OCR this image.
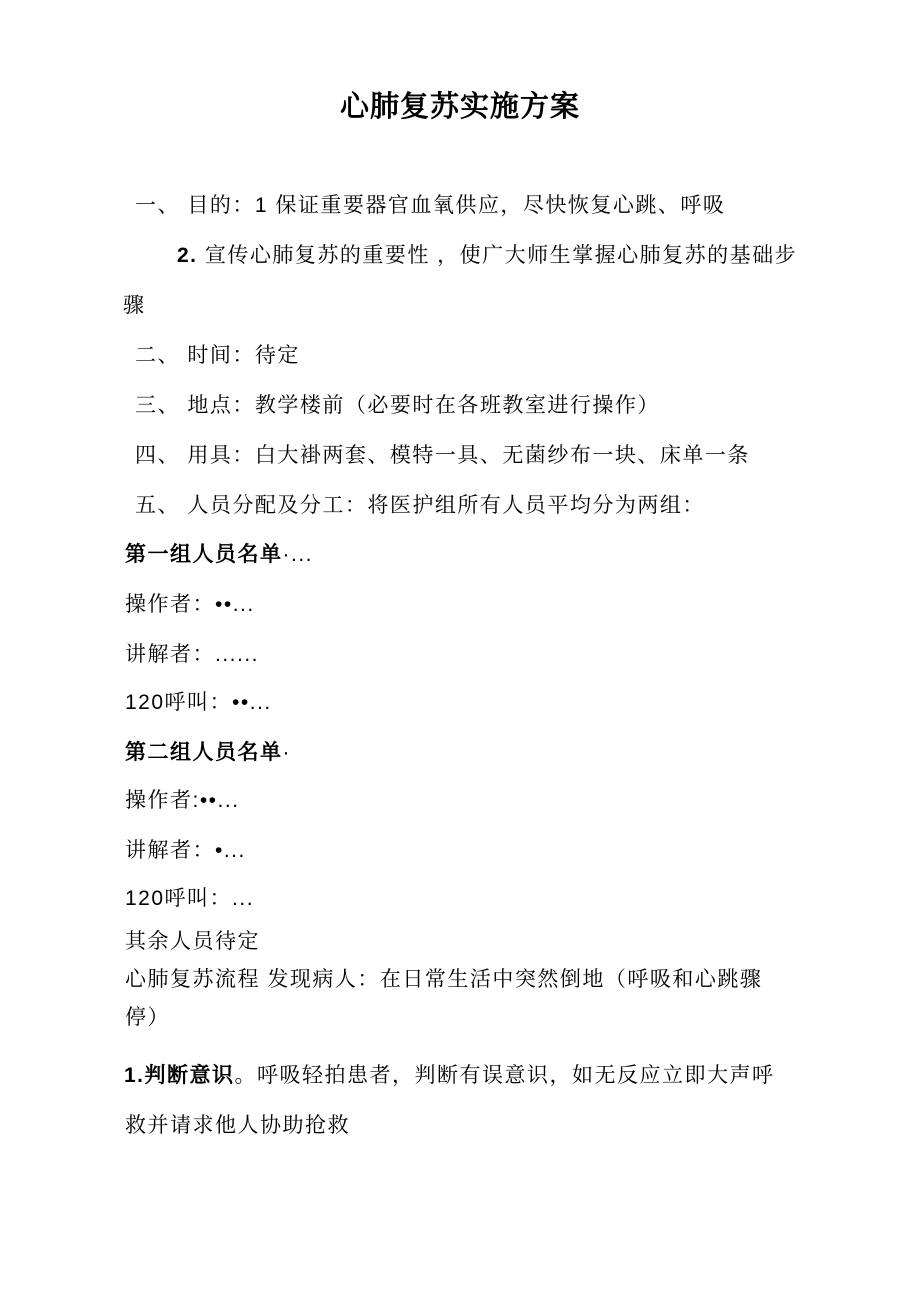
心肺复苏实施方案
一、 目的：1 保证重要器官血氧供应，尽快恢复心跳、呼吸
2. 宣传心肺复苏的重要性 ，使广大师生掌握心肺复苏的基础步
骤
二、 时间：待定
三、 地点：教学楼前（必要时在各班教室进行操作）
四、 用具：白大褂两套、模特一具、无菌纱布一块、床单一条
五、 人员分配及分工：将医护组所有人员平均分为两组：
第一组人员名单·...
操作者：••...
讲解者：......
120呼叫：••...
第二组人员名单·
操作者:••...
讲解者：•...
120呼叫：...
其余人员待定
心肺复苏流程 发现病人：在日常生活中突然倒地（呼吸和心跳骤
停）
1.判断意识。呼吸轻拍患者，判断有误意识，如无反应立即大声呼
救并请求他人协助抢救
